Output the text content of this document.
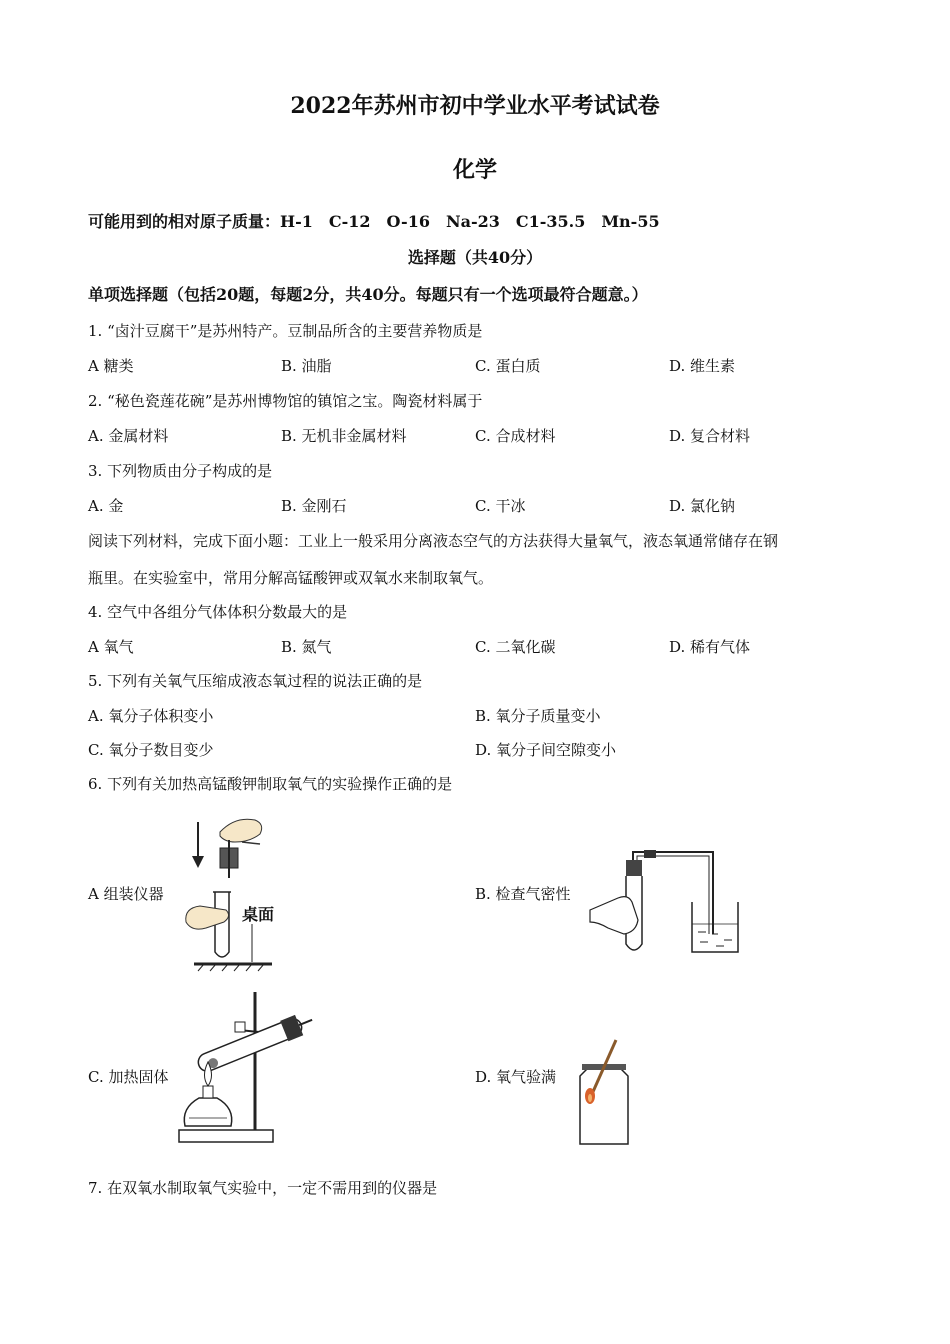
2022年苏州市初中学业水平考试试卷
化学
可能用到的相对原子质量：H-1　C-12　O-16　Na-23　C1-35.5　Mn-55
选择题（共40分）
单项选择题（包括20题，每题2分，共40分。每题只有一个选项最符合题意。）
1. “卤汁豆腐干”是苏州特产。豆制品所含的主要营养物质是
A 糖类	B. 油脂	C. 蛋白质	D. 维生素
2. “秘色瓷莲花碗”是苏州博物馆的镇馆之宝。陶瓷材料属于
A. 金属材料	B. 无机非金属材料	C. 合成材料	D. 复合材料
3. 下列物质由分子构成的是
A. 金	B. 金刚石	C. 干冰	D. 氯化钠
阅读下列材料，完成下面小题：工业上一般采用分离液态空气的方法获得大量氧气，液态氧通常储存在钢
瓶里。在实验室中，常用分解高锰酸钾或双氧水来制取氧气。
4. 空气中各组分气体体积分数最大的是
A 氧气	B. 氮气	C. 二氧化碳	D. 稀有气体
5. 下列有关氧气压缩成液态氧过程的说法正确的是
A. 氧分子体积变小	B. 氧分子质量变小
C. 氧分子数目变少	D. 氧分子间空隙变小
6. 下列有关加热高锰酸钾制取氧气的实验操作正确的是
A 组装仪器	B. 检查气密性
C. 加热固体	D. 氧气验满
桌面
7. 在双氧水制取氧气实验中，一定不需用到的仪器是
